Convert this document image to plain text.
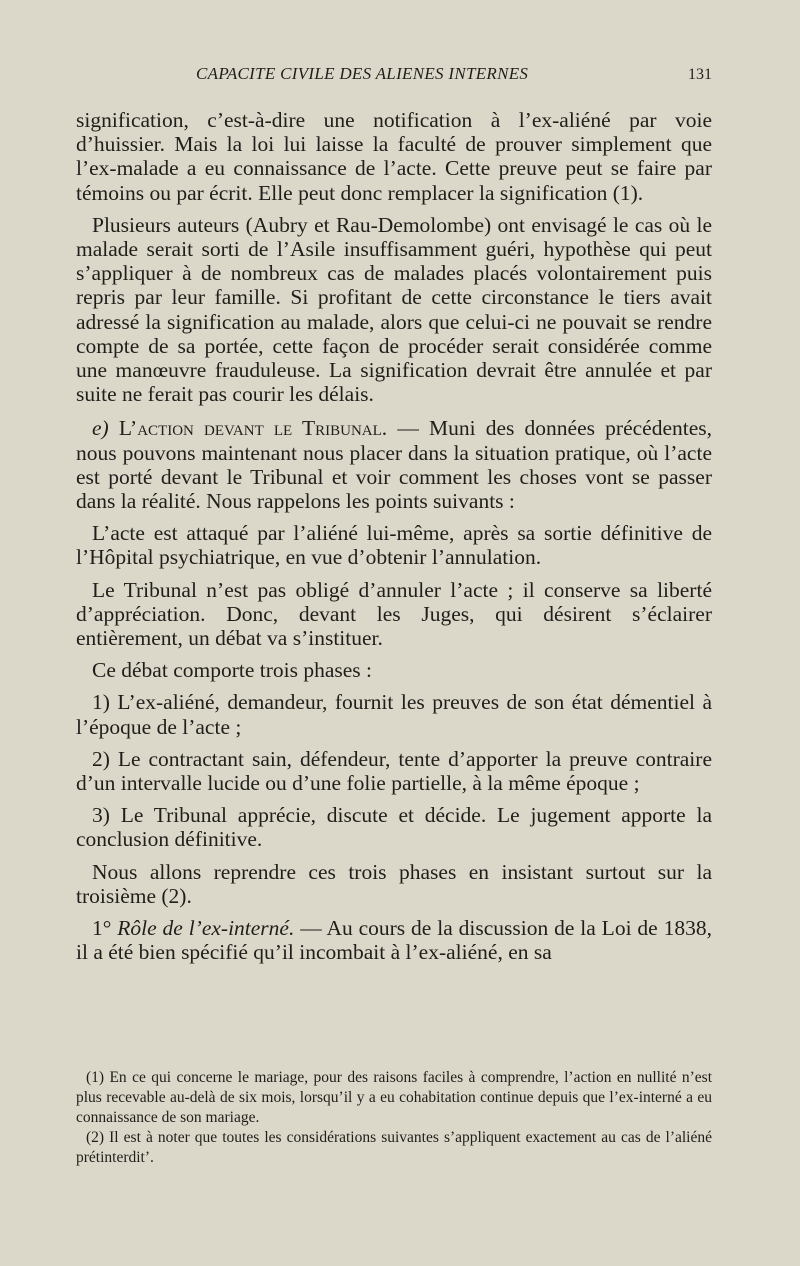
CAPACITE CIVILE DES ALIENES INTERNES	131

signification, c’est-à-dire une notification à l’ex-aliéné par voie d’huissier. Mais la loi lui laisse la faculté de prouver simplement que l’ex-malade a eu connaissance de l’acte. Cette preuve peut se faire par témoins ou par écrit. Elle peut donc remplacer la signification (1).

Plusieurs auteurs (Aubry et Rau-Demolombe) ont envisagé le cas où le malade serait sorti de l’Asile insuffisamment guéri, hypothèse qui peut s’appliquer à de nombreux cas de malades placés volontairement puis repris par leur famille. Si profitant de cette circonstance le tiers avait adressé la signification au malade, alors que celui-ci ne pouvait se rendre compte de sa portée, cette façon de procéder serait considérée comme une manœuvre frauduleuse. La signification devrait être annulée et par suite ne ferait pas courir les délais.

e) L’action devant le Tribunal. — Muni des données précédentes, nous pouvons maintenant nous placer dans la situation pratique, où l’acte est porté devant le Tribunal et voir comment les choses vont se passer dans la réalité. Nous rappelons les points suivants :

L’acte est attaqué par l’aliéné lui-même, après sa sortie définitive de l’Hôpital psychiatrique, en vue d’obtenir l’annulation.

Le Tribunal n’est pas obligé d’annuler l’acte ; il conserve sa liberté d’appréciation. Donc, devant les Juges, qui désirent s’éclairer entièrement, un débat va s’instituer.

Ce débat comporte trois phases :

1) L’ex-aliéné, demandeur, fournit les preuves de son état démentiel à l’époque de l’acte ;

2) Le contractant sain, défendeur, tente d’apporter la preuve contraire d’un intervalle lucide ou d’une folie partielle, à la même époque ;

3) Le Tribunal apprécie, discute et décide. Le jugement apporte la conclusion définitive.

Nous allons reprendre ces trois phases en insistant surtout sur la troisième (2).

1° Rôle de l’ex-interné. — Au cours de la discussion de la Loi de 1838, il a été bien spécifié qu’il incombait à l’ex-aliéné, en sa

(1) En ce qui concerne le mariage, pour des raisons faciles à comprendre, l’action en nullité n’est plus recevable au-delà de six mois, lorsqu’il y a eu cohabitation continue depuis que l’ex-interné a eu connaissance de son mariage.

(2) Il est à noter que toutes les considérations suivantes s’appliquent exactement au cas de l’aliéné prétinterdit’.
